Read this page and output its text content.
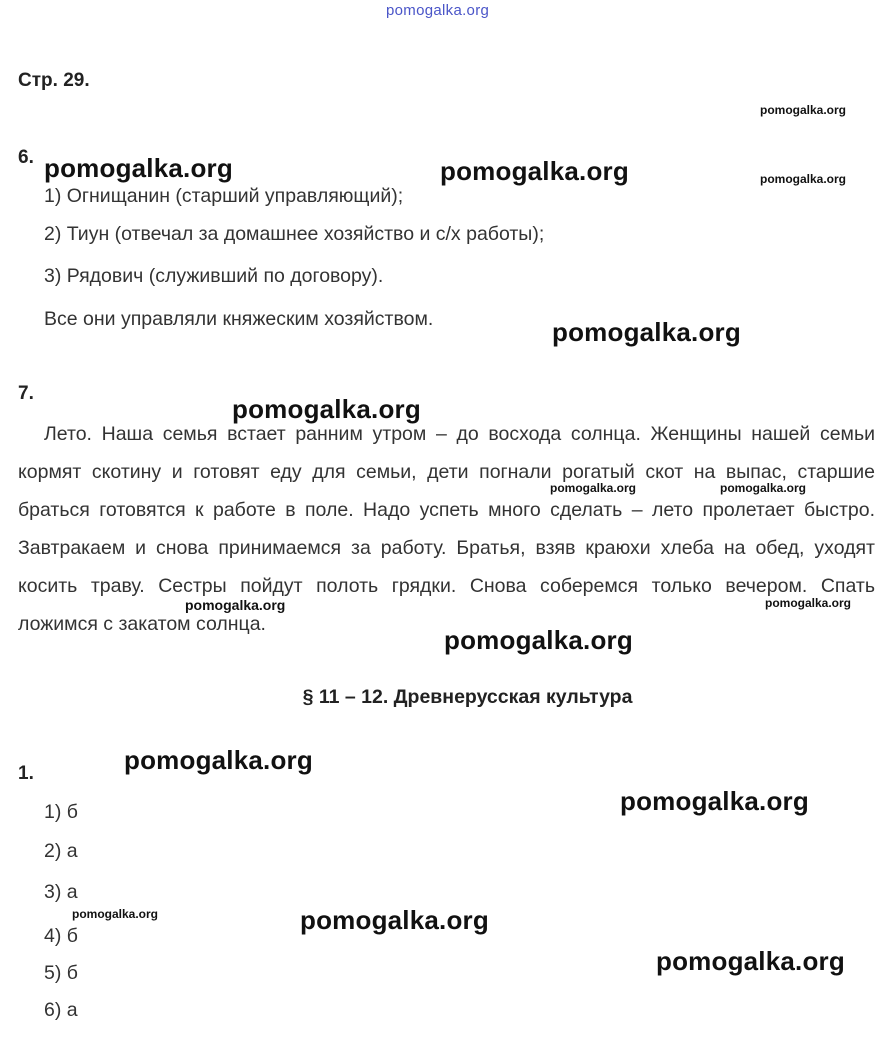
pomogalka.org
Стр. 29.
6.
1) Огнищанин (старший управляющий);
2) Тиун (отвечал за домашнее хозяйство и с/х работы);
3) Рядович (служивший по договору).
Все они управляли княжеским хозяйством.
7.
Лето. Наша семья встает ранним утром – до восхода солнца. Женщины нашей семьи кормят скотину и готовят еду для семьи, дети погнали рогатый скот на выпас, старшие браться готовятся к работе в поле. Надо успеть много сделать – лето пролетает быстро. Завтракаем и снова принимаемся за работу. Братья, взяв краюхи хлеба на обед, уходят косить траву. Сестры пойдут полоть грядки. Снова соберемся только вечером. Спать ложимся с закатом солнца.
§ 11 – 12. Древнерусская культура
1.
1) б
2) а
3) а
4) б
5) б
6) а
pomogalka.org
pomogalka.org	pomogalka.org	pomogalka.org
pomogalka.org
pomogalka.org
pomogalka.org	pomogalka.org
pomogalka.org	pomogalka.org
pomogalka.org
pomogalka.org
pomogalka.org
pomogalka.org	pomogalka.org
pomogalka.org
